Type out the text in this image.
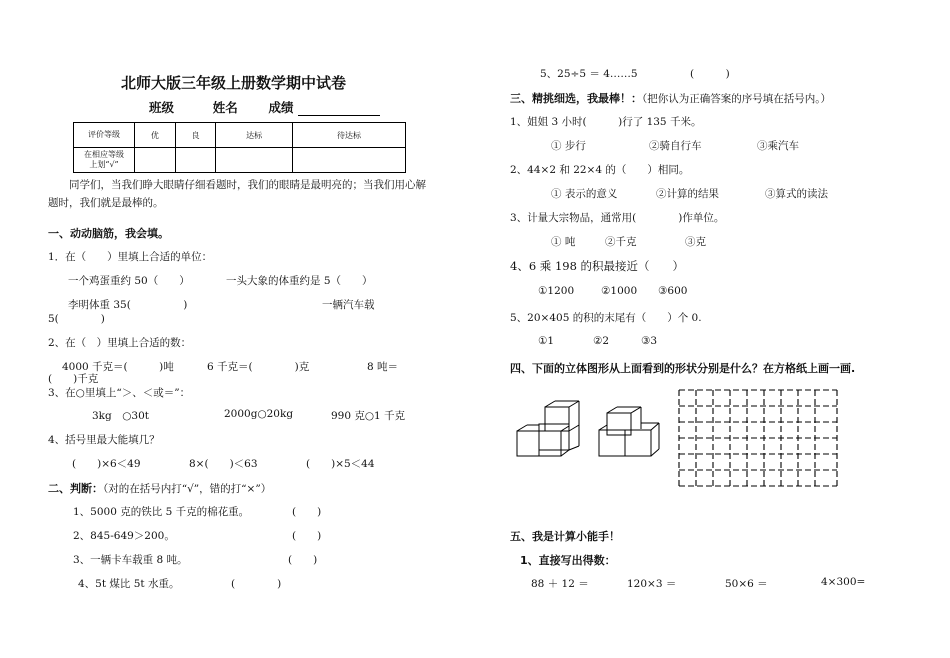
北师大版三年级上册数学期中试卷
班级	姓名 成绩
评价等级	优	良	达标	待达标
在相应等级
上划“√”				
同学们，当我们睁大眼睛仔细看题时，我们的眼睛是最明亮的；当我们用心解
题时，我们就是最棒的。
一、动动脑筋，我会填。
1．在（　　）里填上合适的单位：
一个鸡蛋重约 50（　　）	一头大象的体重约是 5（　　）
李明体重 35(　　　　　)	一辆汽车载
5(　　　　)
2、在（　）里填上合适的数：
4000 千克＝(　　　)吨	6 千克＝(　　　　)克	8 吨＝
(　　)千克
3、在○里填上“＞、＜或＝”：
3kg　○30t	2000g○20kg	990 克○1 千克
4、括号里最大能填几？
(　　)×6＜49	8×(　　)＜63	(　　)×5＜44
二、判断：（对的在括号内打“√”，错的打“×”）
1、5000 克的铁比 5 千克的棉花重。	(　　)
2、845-649＞200。	(　　)
3、一辆卡车载重 8 吨。	(　　)
4、5t 煤比 5t 水重。	(　　　　)
5、25÷5 ＝ 4……5	(　　　)
三、精挑细选，我最棒！：（把你认为正确答案的序号填在括号内。）
1、姐姐 3 小时(　　　)行了 135 千米。
① 步行	②骑自行车	③乘汽车
2、44×2 和 22×4 的（　　）相同。
① 表示的意义	②计算的结果	③算式的读法
3、计量大宗物品，通常用(　　　　)作单位。
① 吨	②千克	③克
4、6 乘 198 的积最接近（　　）
①1200	②1000 ③600
5、20×405 的积的末尾有（　　）个 0.
①1	②2	③3
四、下面的立体图形从上面看到的形状分别是什么？在方格纸上画一画.
五、我是计算小能手！
1、直接写出得数：
88 ＋ 12 ＝	120×3 ＝	50×6 ＝	4×300=
